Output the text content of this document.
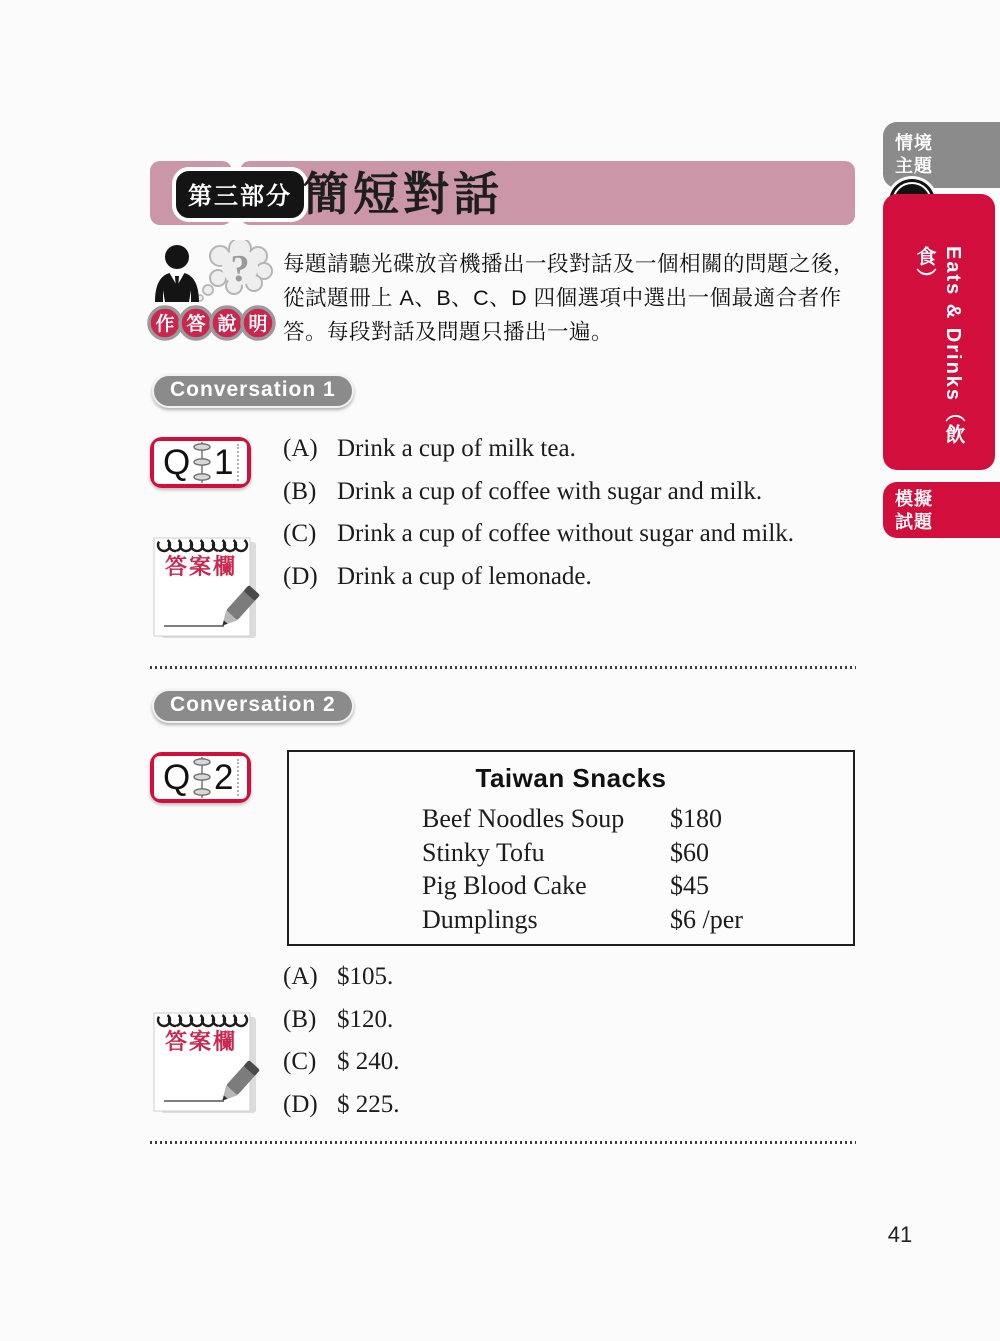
情境
主題
Eats & Drinks（飲食）
模擬
試題
第三部分 簡短對話
?
作 答 說 明
每題請聽光碟放音機播出一段對話及一個相關的問題之後，從試題冊上 A、B、C、D 四個選項中選出一個最適合者作答。每段對話及問題只播出一遍。
Conversation 1
Q 1 (A) Drink a cup of milk tea.
(B) Drink a cup of coffee with sugar and milk.
(C) Drink a cup of coffee without sugar and milk.
(D) Drink a cup of lemonade.
答案欄
Conversation 2
Q 2	Taiwan Snacks
Beef Noodles Soup	$180
Stinky Tofu	$60
Pig Blood Cake	$45
Dumplings	$6 /per
(A) $105.
(B) $120.
(C) $ 240.
(D) $ 225.
答案欄
41
